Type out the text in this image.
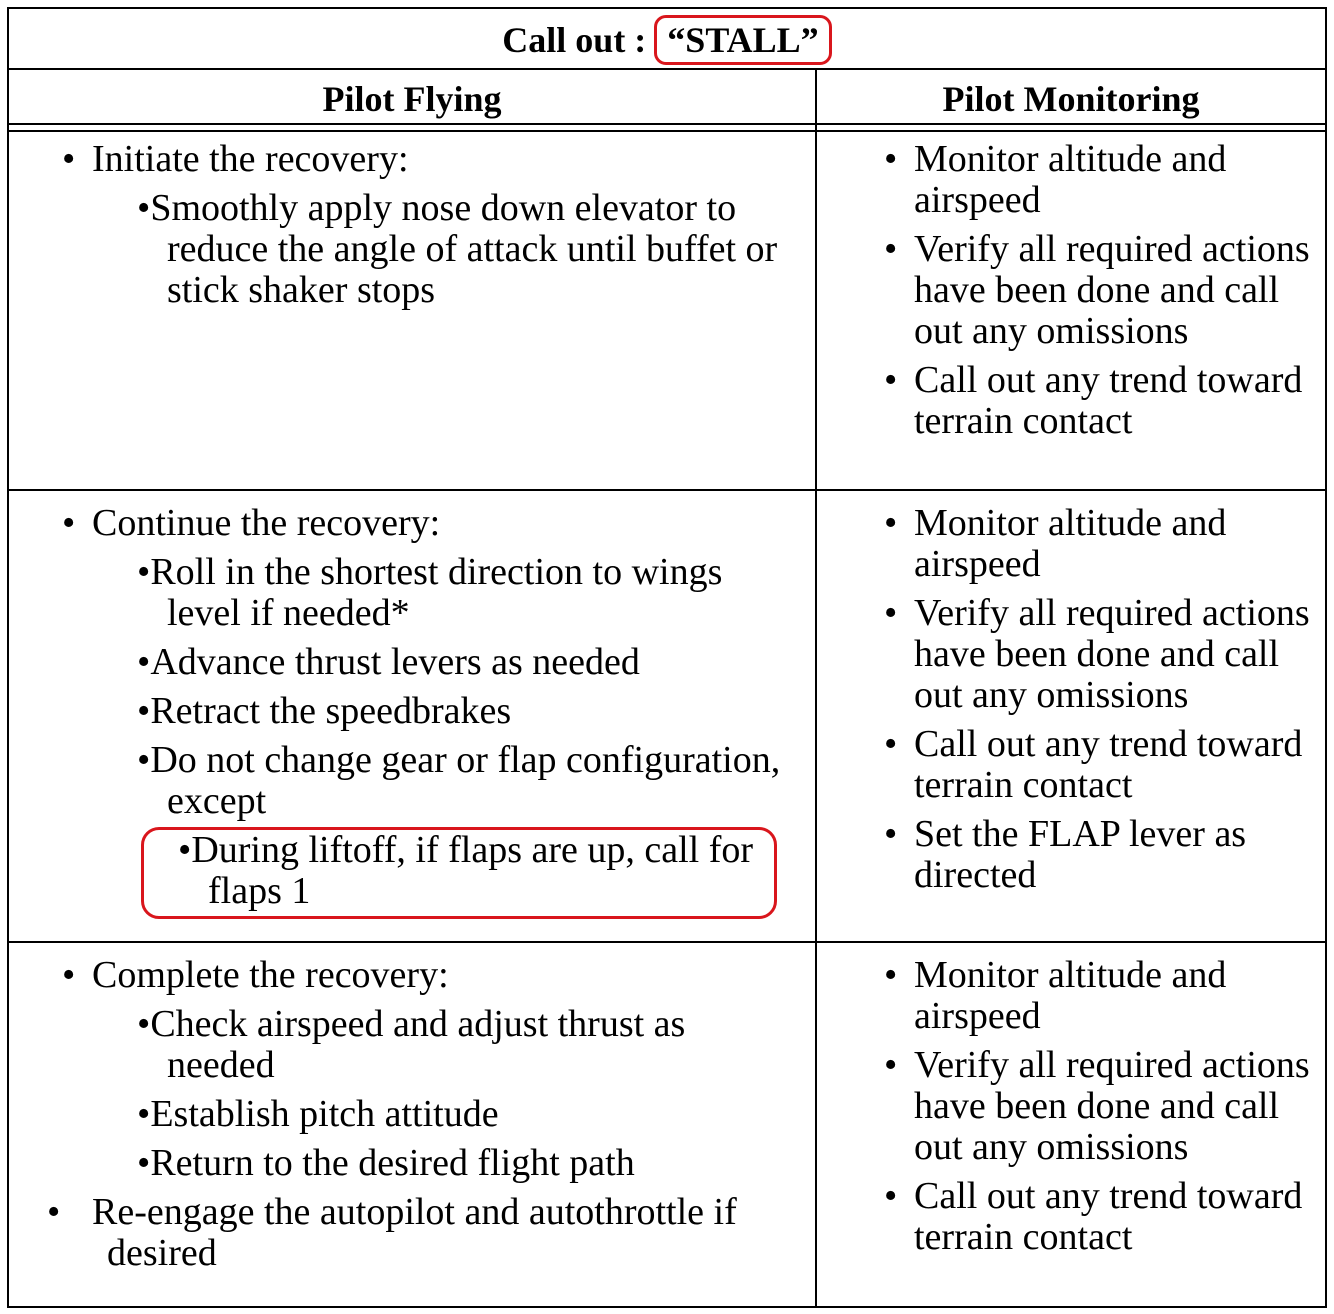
Call out : “STALL”
Pilot Flying	Pilot Monitoring
• Initiate the recovery:
• Smoothly apply nose down elevator to reduce the angle of attack until buffet or stick shaker stops
• Monitor altitude and airspeed
• Verify all required actions have been done and call out any omissions
• Call out any trend toward terrain contact
• Continue the recovery:
• Roll in the shortest direction to wings level if needed*
• Advance thrust levers as needed
• Retract the speedbrakes
• Do not change gear or flap configuration, except
• During liftoff, if flaps are up, call for flaps 1
• Monitor altitude and airspeed
• Verify all required actions have been done and call out any omissions
• Call out any trend toward terrain contact
• Set the FLAP lever as directed
• Complete the recovery:
• Check airspeed and adjust thrust as needed
• Establish pitch attitude
• Return to the desired flight path
• Re-engage the autopilot and autothrottle if desired
• Monitor altitude and airspeed
• Verify all required actions have been done and call out any omissions
• Call out any trend toward terrain contact
